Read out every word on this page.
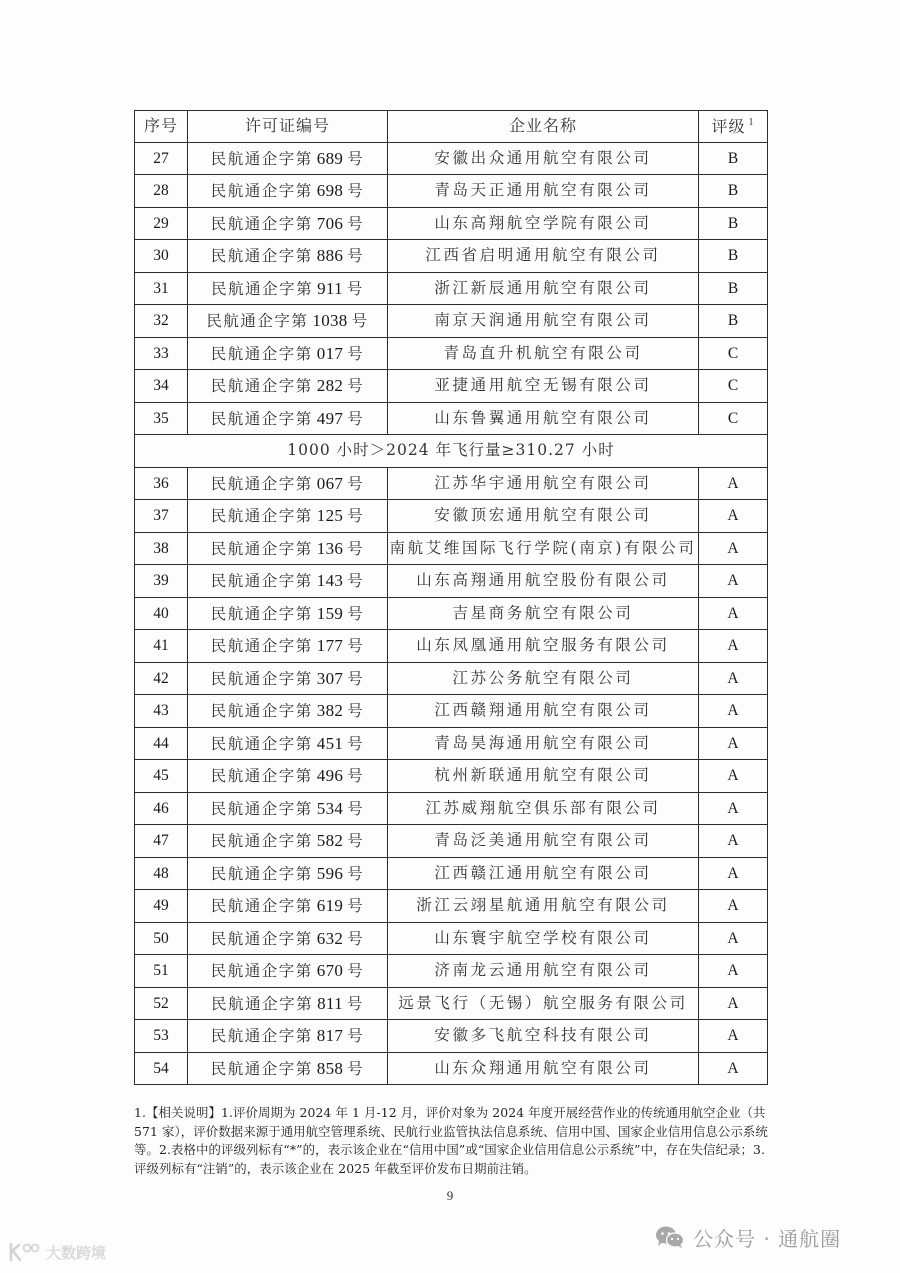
序号	许可证编号	企业名称	评级 $^1$
27	民航通企字第 689 号	安徽出众通用航空有限公司	B
28	民航通企字第 698 号	青岛天正通用航空有限公司	B
29	民航通企字第 706 号	山东高翔航空学院有限公司	B
30	民航通企字第 886 号	江西省启明通用航空有限公司	B
31	民航通企字第 911 号	浙江新辰通用航空有限公司	B
32	民航通企字第 1038 号	南京天润通用航空有限公司	B
33	民航通企字第 017 号	青岛直升机航空有限公司	C
34	民航通企字第 282 号	亚捷通用航空无锡有限公司	C
35	民航通企字第 497 号	山东鲁翼通用航空有限公司	C
1000 小时＞2024 年飞行量≥310.27 小时			
36	民航通企字第 067 号	江苏华宇通用航空有限公司	A
37	民航通企字第 125 号	安徽顶宏通用航空有限公司	A
38	民航通企字第 136 号	南航艾维国际飞行学院(南京)有限公司	A
39	民航通企字第 143 号	山东高翔通用航空股份有限公司	A
40	民航通企字第 159 号	吉星商务航空有限公司	A
41	民航通企字第 177 号	山东凤凰通用航空服务有限公司	A
42	民航通企字第 307 号	江苏公务航空有限公司	A
43	民航通企字第 382 号	江西赣翔通用航空有限公司	A
44	民航通企字第 451 号	青岛昊海通用航空有限公司	A
45	民航通企字第 496 号	杭州新联通用航空有限公司	A
46	民航通企字第 534 号	江苏威翔航空俱乐部有限公司	A
47	民航通企字第 582 号	青岛泛美通用航空有限公司	A
48	民航通企字第 596 号	江西赣江通用航空有限公司	A
49	民航通企字第 619 号	浙江云翊星航通用航空有限公司	A
50	民航通企字第 632 号	山东寰宇航空学校有限公司	A
51	民航通企字第 670 号	济南龙云通用航空有限公司	A
52	民航通企字第 811 号	远景飞行（无锡）航空服务有限公司	A
53	民航通企字第 817 号	安徽多飞航空科技有限公司	A
54	民航通企字第 858 号	山东众翔通用航空有限公司	A
1.【相关说明】1.评价周期为 2024 年 1 月-12 月，评价对象为 2024 年度开展经营作业的传统通用航空企业（共 571 家），评价数据来源于通用航空管理系统、民航行业监管执法信息系统、信用中国、国家企业信用信息公示系统等。2.表格中的评级列标有“*”的，表示该企业在“信用中国”或“国家企业信用信息公示系统”中，存在失信纪录；3.评级列标有“注销”的，表示该企业在 2025 年截至评价发布日期前注销。
9
公众号 · 通航圈
大数跨境
